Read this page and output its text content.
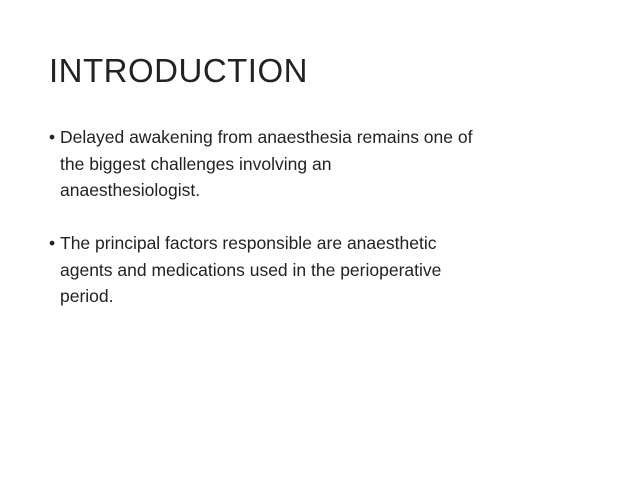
INTRODUCTION
• Delayed awakening from anaesthesia remains one of
the biggest challenges involving an
anaesthesiologist.
• The principal factors responsible are anaesthetic
agents and medications used in the perioperative
period.
